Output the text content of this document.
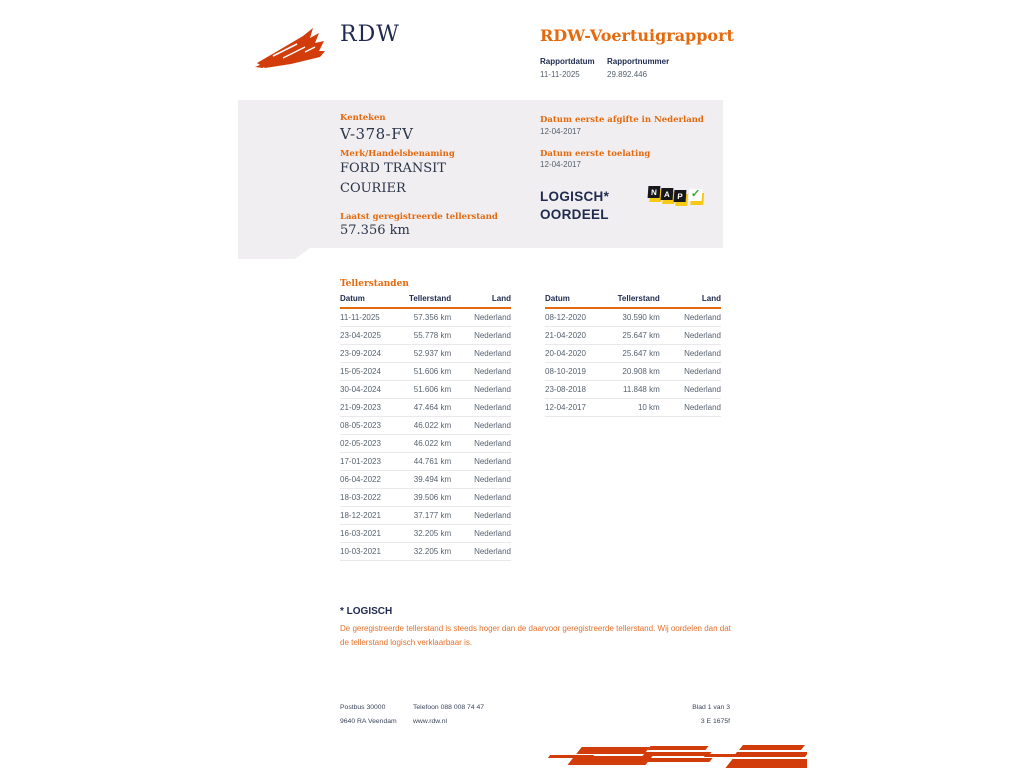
RDW	RDW-Voertuigrapport
Rapportdatum
11-11-2025
Rapportnummer
29.892.446
Kenteken
V-378-FV
Merk/Handelsbenaming
FORD TRANSIT
COURIER
Laatst geregistreerde tellerstand
57.356 km
Datum eerste afgifte in Nederland
12-04-2017
Datum eerste toelating
12-04-2017
LOGISCH*
OORDEEL
N A P ✓
Tellerstanden
Datum	Tellerstand	Land
11-11-2025	57.356 km	Nederland
23-04-2025	55.778 km	Nederland
23-09-2024	52.937 km	Nederland
15-05-2024	51.606 km	Nederland
30-04-2024	51.606 km	Nederland
21-09-2023	47.464 km	Nederland
08-05-2023	46.022 km	Nederland
02-05-2023	46.022 km	Nederland
17-01-2023	44.761 km	Nederland
06-04-2022	39.494 km	Nederland
18-03-2022	39.506 km	Nederland
18-12-2021	37.177 km	Nederland
16-03-2021	32.205 km	Nederland
10-03-2021	32.205 km	Nederland
Datum	Tellerstand	Land
08-12-2020	30.590 km	Nederland
21-04-2020	25.647 km	Nederland
20-04-2020	25.647 km	Nederland
08-10-2019	20.908 km	Nederland
23-08-2018	11.848 km	Nederland
12-04-2017	10 km	Nederland
* LOGISCH
De geregistreerde tellerstand is steeds hoger dan de daarvoor geregistreerde tellerstand. Wij oordelen dan dat de tellerstand logisch verklaarbaar is.
Postbus 30000
9640 RA Veendam
Telefoon 088 008 74 47
www.rdw.nl
Blad 1 van 3
3 E 1675f
